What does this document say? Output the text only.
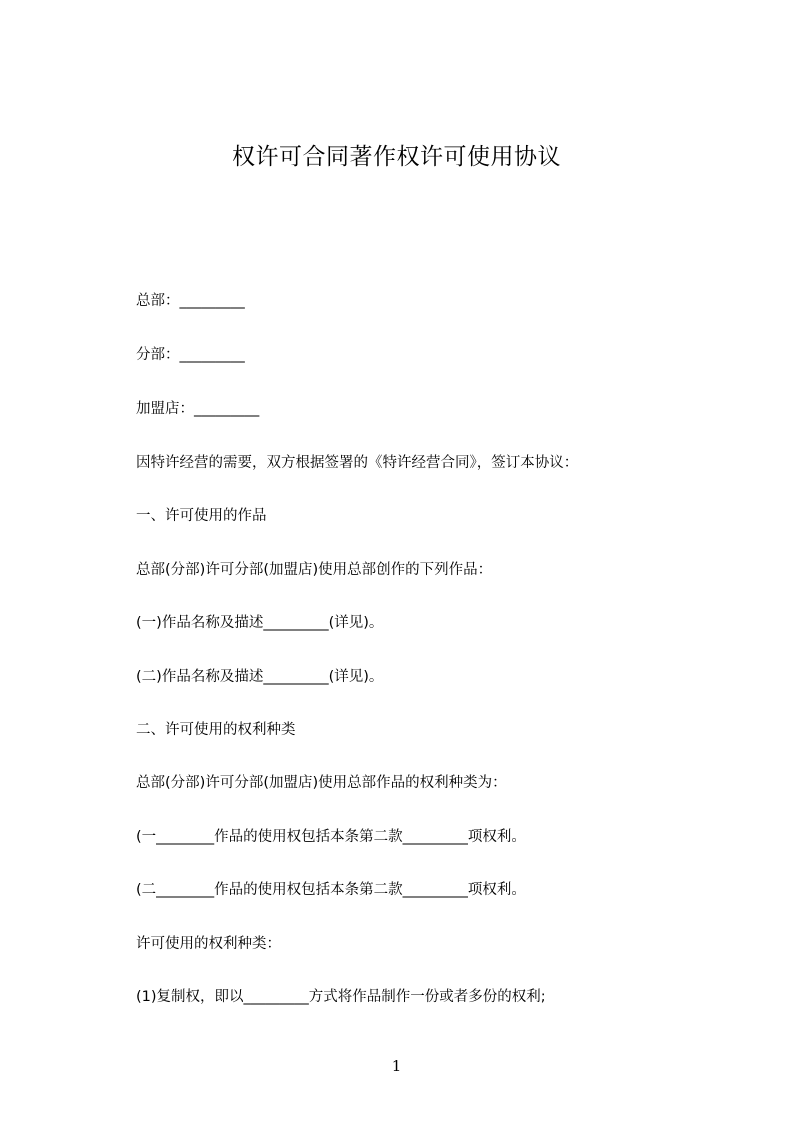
权许可合同著作权许可使用协议
总部：_________
分部：_________
加盟店：_________
因特许经营的需要，双方根据签署的《特许经营合同》，签订本协议：
一、许可使用的作品
总部(分部)许可分部(加盟店)使用总部创作的下列作品：
(一)作品名称及描述_________(详见)。
(二)作品名称及描述_________(详见)。
二、许可使用的权利种类
总部(分部)许可分部(加盟店)使用总部作品的权利种类为：
(一________作品的使用权包括本条第二款_________项权利。
(二________作品的使用权包括本条第二款_________项权利。
许可使用的权利种类：
(1)复制权，即以_________方式将作品制作一份或者多份的权利;
1
